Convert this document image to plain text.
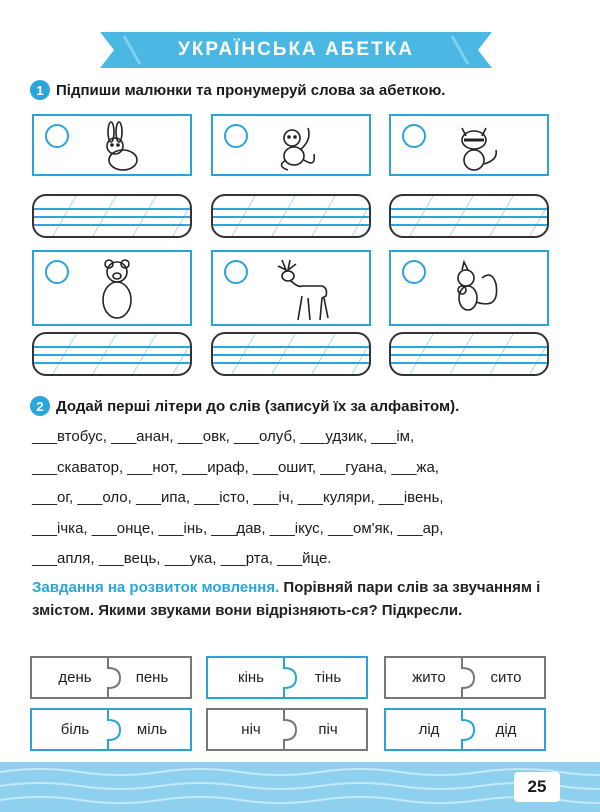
УКРАЇНСЬКА АБЕТКА
1 Підпиши малюнки та пронумеруй слова за абеткою.
2 Додай перші літери до слів (записуй їх за алфавітом).
___втобус, ___анан, ___овк, ___олуб, ___удзик, ___ім,
___скаватор, ___нот, ___ираф, ___ошит, ___гуана, ___жа,
___ог, ___оло, ___ипа, ___істо, ___іч, ___куляри, ___івень,
___ічка, ___онце, ___інь, ___дав, ___ікус, ___ом'як, ___ар,
___апля, ___вець, ___ука, ___рта, ___йце.
Завдання на розвиток мовлення. Порівняй пари слів за звучанням і змістом. Якими звуками вони відрізняють-ся? Підкресли.
день	пень	кінь	тінь	жито	сито
біль	міль	ніч	піч	лід	дід
25
